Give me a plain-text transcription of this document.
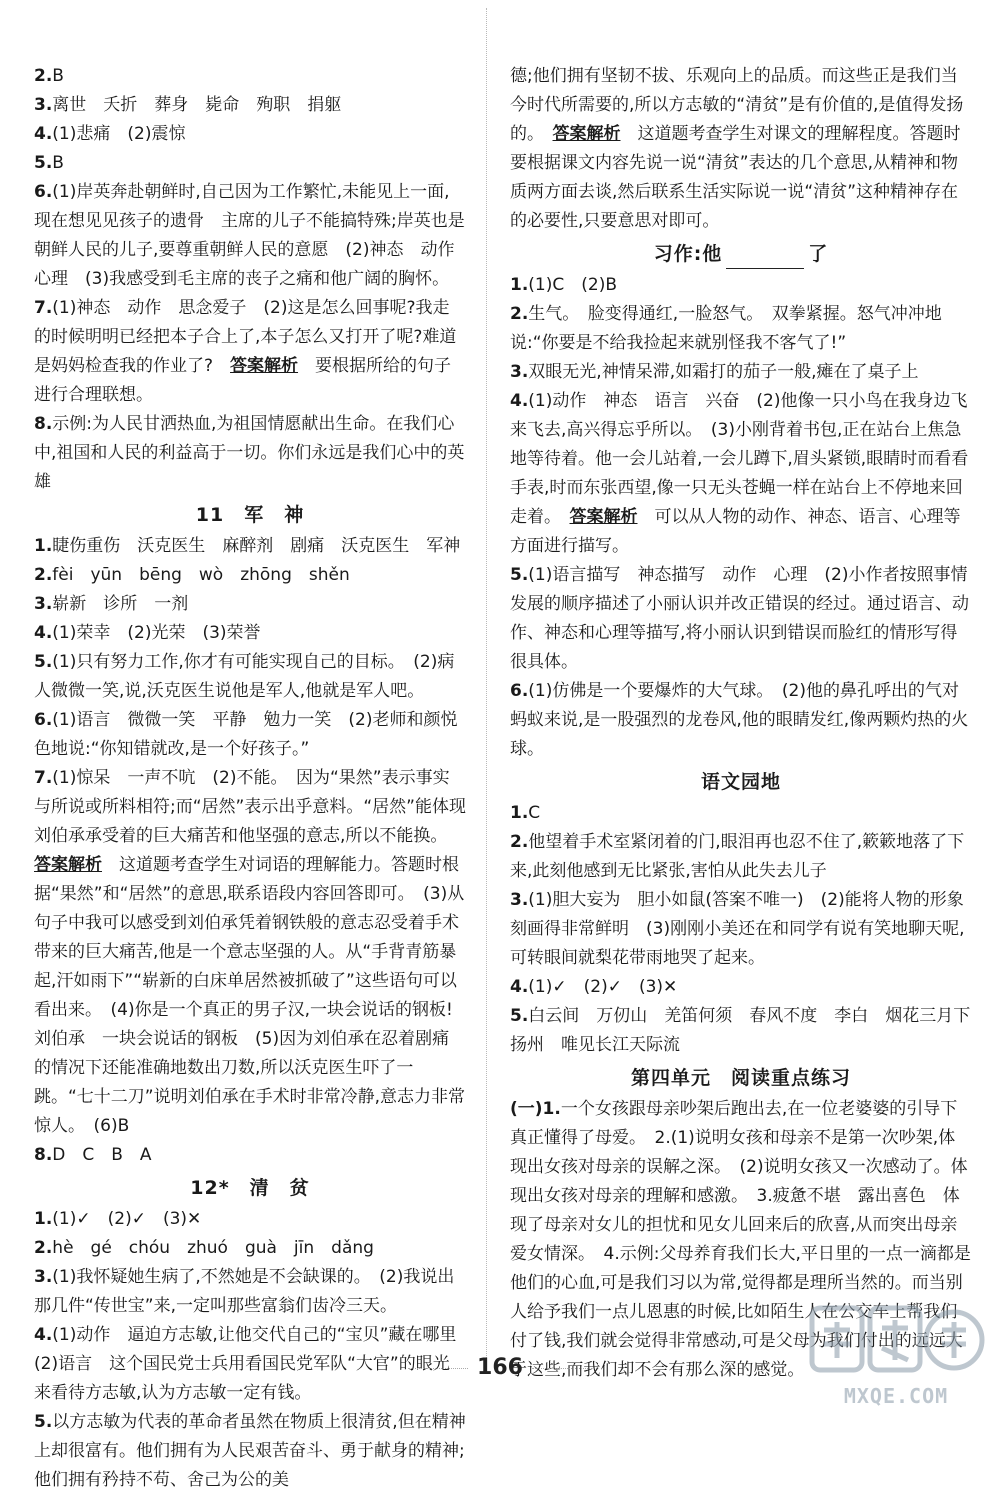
2.B

3.离世　夭折　葬身　毙命　殉职　捐躯

4.(1)悲痛　(2)震惊

5.B

6.(1)岸英奔赴朝鲜时,自己因为工作繁忙,未能见上一面,现在想见见孩子的遗骨　主席的儿子不能搞特殊;岸英也是朝鲜人民的儿子,要尊重朝鲜人民的意愿　(2)神态　动作　心理　(3)我感受到毛主席的丧子之痛和他广阔的胸怀。

7.(1)神态　动作　思念爱子　(2)这是怎么回事呢?我走的时候明明已经把本子合上了,本子怎么又打开了呢?难道是妈妈检查我的作业了?　 答案解析　要根据所给的句子进行合理联想。

8.示例:为人民甘洒热血,为祖国情愿献出生命。在我们心中,祖国和人民的利益高于一切。你们永远是我们心中的英雄

11　军　神

1.睫伤重伤　沃克医生　麻醉剂　剧痛　沃克医生　军神

2.fèi　yūn　bēng　wò　zhōng　shěn

3.崭新　诊所　一剂

4.(1)荣幸　(2)光荣　(3)荣誉

5.(1)只有努力工作,你才有可能实现自己的目标。　(2)病人微微一笑,说,沃克医生说他是军人,他就是军人吧。

6.(1)语言　微微一笑　平静　勉力一笑　(2)老师和颜悦色地说:“你知错就改,是一个好孩子。”

7.(1)惊呆　一声不吭　(2)不能。　因为“果然”表示事实与所说或所料相符;而“居然”表示出乎意料。“居然”能体现刘伯承承受着的巨大痛苦和他坚强的意志,所以不能换。　答案解析　这道题考查学生对词语的理解能力。答题时根据“果然”和“居然”的意思,联系语段内容回答即可。　(3)从句子中我可以感受到刘伯承凭着钢铁般的意志忍受着手术带来的巨大痛苦,他是一个意志坚强的人。从“手背青筋暴起,汗如雨下”“崭新的白床单居然被抓破了”这些语句可以看出来。　(4)你是一个真正的男子汉,一块会说话的钢板!　刘伯承　一块会说话的钢板　(5)因为刘伯承在忍着剧痛的情况下还能准确地数出刀数,所以沃克医生吓了一跳。“七十二刀”说明刘伯承在手术时非常冷静,意志力非常惊人。　(6)B

8.D　C　B　A

12*　清　贫

1.(1)✓　(2)✓　(3)✕

2.hè　gé　chóu　zhuó　guà　jīn　dǎng

3.(1)我怀疑她生病了,不然她是不会缺课的。　(2)我说出那几件“传世宝”来,一定叫那些富翁们齿冷三天。

4.(1)动作　逼迫方志敏,让他交代自己的“宝贝”藏在哪里　(2)语言　这个国民党士兵用看国民党军队“大官”的眼光来看待方志敏,认为方志敏一定有钱。

5.以方志敏为代表的革命者虽然在物质上很清贫,但在精神上却很富有。他们拥有为人民艰苦奋斗、勇于献身的精神;他们拥有矜持不苟、舍己为公的美

德;他们拥有坚韧不拔、乐观向上的品质。而这些正是我们当今时代所需要的,所以方志敏的“清贫”是有价值的,是值得发扬的。　 答案解析　这道题考查学生对课文的理解程度。答题时要根据课文内容先说一说“清贫”表达的几个意思,从精神和物质两方面去谈,然后联系生活实际说一说“清贫”这种精神存在的必要性,只要意思对即可。

习作:他	了

1.(1)C　(2)B

2.生气。　脸变得通红,一脸怒气。　双拳紧握。怒气冲冲地说:“你要是不给我捡起来就别怪我不客气了!”

3.双眼无光,神情呆滞,如霜打的茄子一般,瘫在了桌子上

4.(1)动作　神态　语言　兴奋　(2)他像一只小鸟在我身边飞来飞去,高兴得忘乎所以。　(3)小刚背着书包,正在站台上焦急地等待着。他一会儿站着,一会儿蹲下,眉头紧锁,眼睛时而看看手表,时而东张西望,像一只无头苍蝇一样在站台上不停地来回走着。　 答案解析　可以从人物的动作、神态、语言、心理等方面进行描写。

5.(1)语言描写　神态描写　动作　心理　(2)小作者按照事情发展的顺序描述了小丽认识并改正错误的经过。通过语言、动作、神态和心理等描写,将小丽认识到错误而脸红的情形写得很具体。

6.(1)仿佛是一个要爆炸的大气球。　(2)他的鼻孔呼出的气对蚂蚁来说,是一股强烈的龙卷风,他的眼睛发红,像两颗灼热的火球。

语文园地

1.C

2.他望着手术室紧闭着的门,眼泪再也忍不住了,簌簌地落了下来,此刻他感到无比紧张,害怕从此失去儿子

3.(1)胆大妄为　胆小如鼠(答案不唯一)　(2)能将人物的形象刻画得非常鲜明　(3)刚刚小美还在和同学有说有笑地聊天呢,可转眼间就梨花带雨地哭了起来。

4.(1)✓　(2)✓　(3)✕

5.白云间　万仞山　羌笛何须　春风不度　李白　烟花三月下扬州　唯见长江天际流

第四单元　阅读重点练习

(一)1.一个女孩跟母亲吵架后跑出去,在一位老婆婆的引导下真正懂得了母爱。　2.(1)说明女孩和母亲不是第一次吵架,体现出女孩对母亲的误解之深。　(2)说明女孩又一次感动了。体现出女孩对母亲的理解和感激。　3.疲惫不堪　露出喜色　体现了母亲对女儿的担忧和见女儿回来后的欣喜,从而突出母亲爱女情深。　4.示例:父母养育我们长大,平日里的一点一滴都是他们的心血,可是我们习以为常,觉得都是理所当然的。而当别人给予我们一点儿恩惠的时候,比如陌生人在公交车上帮我们付了钱,我们就会觉得非常感动,可是父母为我们付出的远远大于这些,而我们却不会有那么深的感觉。

166
MXQE.COM
